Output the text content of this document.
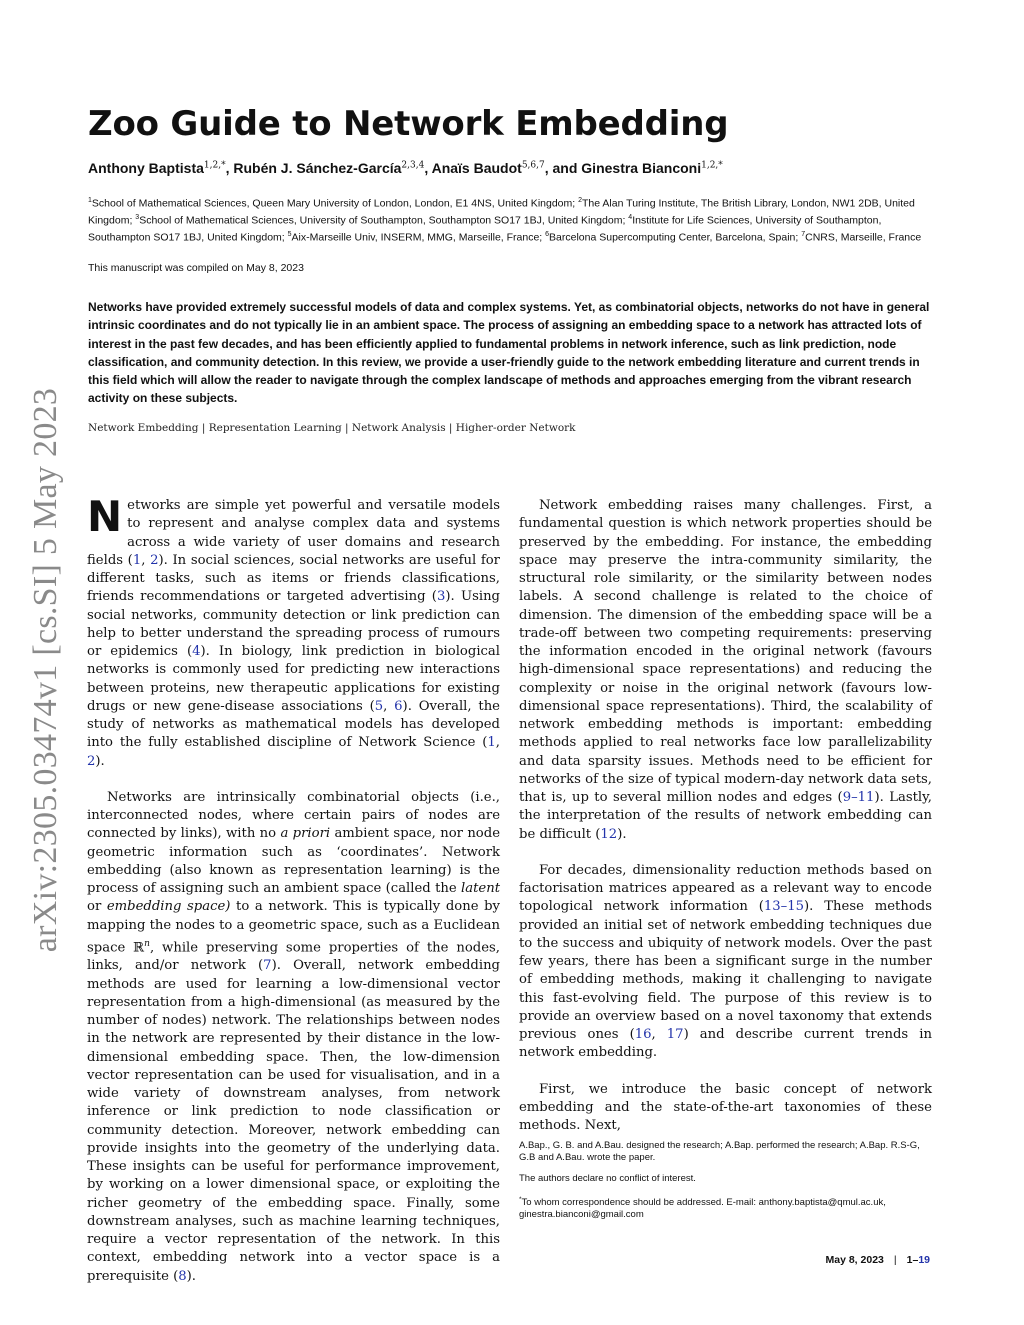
arXiv:2305.03474v1 [cs.SI] 5 May 2023
Zoo Guide to Network Embedding
Anthony Baptista$^{1,2,*}$, Rubén J. Sánchez-García$^{2,3,4}$, Anaïs Baudot$^{5,6,7}$, and Ginestra Bianconi$^{1,2,*}$
$^1$School of Mathematical Sciences, Queen Mary University of London, London, E1 4NS, United Kingdom; $^2$The Alan Turing Institute, The British Library, London, NW1 2DB, United Kingdom; $^3$School of Mathematical Sciences, University of Southampton, Southampton SO17 1BJ, United Kingdom; $^4$Institute for Life Sciences, University of Southampton, Southampton SO17 1BJ, United Kingdom; $^5$Aix-Marseille Univ, INSERM, MMG, Marseille, France; $^6$Barcelona Supercomputing Center, Barcelona, Spain; $^7$CNRS, Marseille, France
This manuscript was compiled on May 8, 2023

Networks have provided extremely successful models of data and complex systems. Yet, as combinatorial objects, networks do not have in general intrinsic coordinates and do not typically lie in an ambient space. The process of assigning an embedding space to a network has attracted lots of interest in the past few decades, and has been efficiently applied to fundamental problems in network inference, such as link prediction, node classification, and community detection. In this review, we provide a user-friendly guide to the network embedding literature and current trends in this field which will allow the reader to navigate through the complex landscape of methods and approaches emerging from the vibrant research activity on these subjects.

Network Embedding | Representation Learning | Network Analysis | Higher-order Network

Networks are simple yet powerful and versatile models to represent and analyse complex data and systems across a wide variety of user domains and research fields (1, 2). In social sciences, social networks are useful for different tasks, such as items or friends classifications, friends recommendations or targeted advertising (3). Using social networks, community detection or link prediction can help to better understand the spreading process of rumours or epidemics (4). In biology, link prediction in biological networks is commonly used for predicting new interactions between proteins, new therapeutic applications for existing drugs or new gene-disease associations (5, 6). Overall, the study of networks as mathematical models has developed into the fully established discipline of Network Science (1, 2).

Networks are intrinsically combinatorial objects (i.e., interconnected nodes, where certain pairs of nodes are connected by links), with no a priori ambient space, nor node geometric information such as ‘coordinates’. Network embedding (also known as representation learning) is the process of assigning such an ambient space (called the latent or embedding space) to a network. This is typically done by mapping the nodes to a geometric space, such as a Euclidean space ℝ$^n$, while preserving some properties of the nodes, links, and/or network (7). Overall, network embedding methods are used for learning a low-dimensional vector representation from a high-dimensional (as measured by the number of nodes) network. The relationships between nodes in the network are represented by their distance in the low-dimensional embedding space. Then, the low-dimension vector representation can be used for visualisation, and in a wide variety of downstream analyses, from network inference or link prediction to node classification or community detection. Moreover, network embedding can provide insights into the geometry of the underlying data. These insights can be useful for performance improvement, by working on a lower dimensional space, or exploiting the richer geometry of the embedding space. Finally, some downstream analyses, such as machine learning techniques, require a vector representation of the network. In this context, embedding network into a vector space is a prerequisite (8).

Network embedding raises many challenges. First, a fundamental question is which network properties should be preserved by the embedding. For instance, the embedding space may preserve the intra-community similarity, the structural role similarity, or the similarity between nodes labels. A second challenge is related to the choice of dimension. The dimension of the embedding space will be a trade-off between two competing requirements: preserving the information encoded in the original network (favours high-dimensional space representations) and reducing the complexity or noise in the original network (favours low-dimensional space representations). Third, the scalability of network embedding methods is important: embedding methods applied to real networks face low parallelizability and data sparsity issues. Methods need to be efficient for networks of the size of typical modern-day network data sets, that is, up to several million nodes and edges (9–11). Lastly, the interpretation of the results of network embedding can be difficult (12).

For decades, dimensionality reduction methods based on factorisation matrices appeared as a relevant way to encode topological network information (13–15). These methods provided an initial set of network embedding techniques due to the success and ubiquity of network models. Over the past few years, there has been a significant surge in the number of embedding methods, making it challenging to navigate this fast-evolving field. The purpose of this review is to provide an overview based on a novel taxonomy that extends previous ones (16, 17) and describe current trends in network embedding.

First, we introduce the basic concept of network embedding and the state-of-the-art taxonomies of these methods. Next,

A.Bap., G. B. and A.Bau. designed the research; A.Bap. performed the research; A.Bap. R.S-G, G.B and A.Bau. wrote the paper.

The authors declare no conflict of interest.

*To whom correspondence should be addressed. E-mail: anthony.baptista@qmul.ac.uk, ginestra.bianconi@gmail.com

May 8, 2023 | 1–19
